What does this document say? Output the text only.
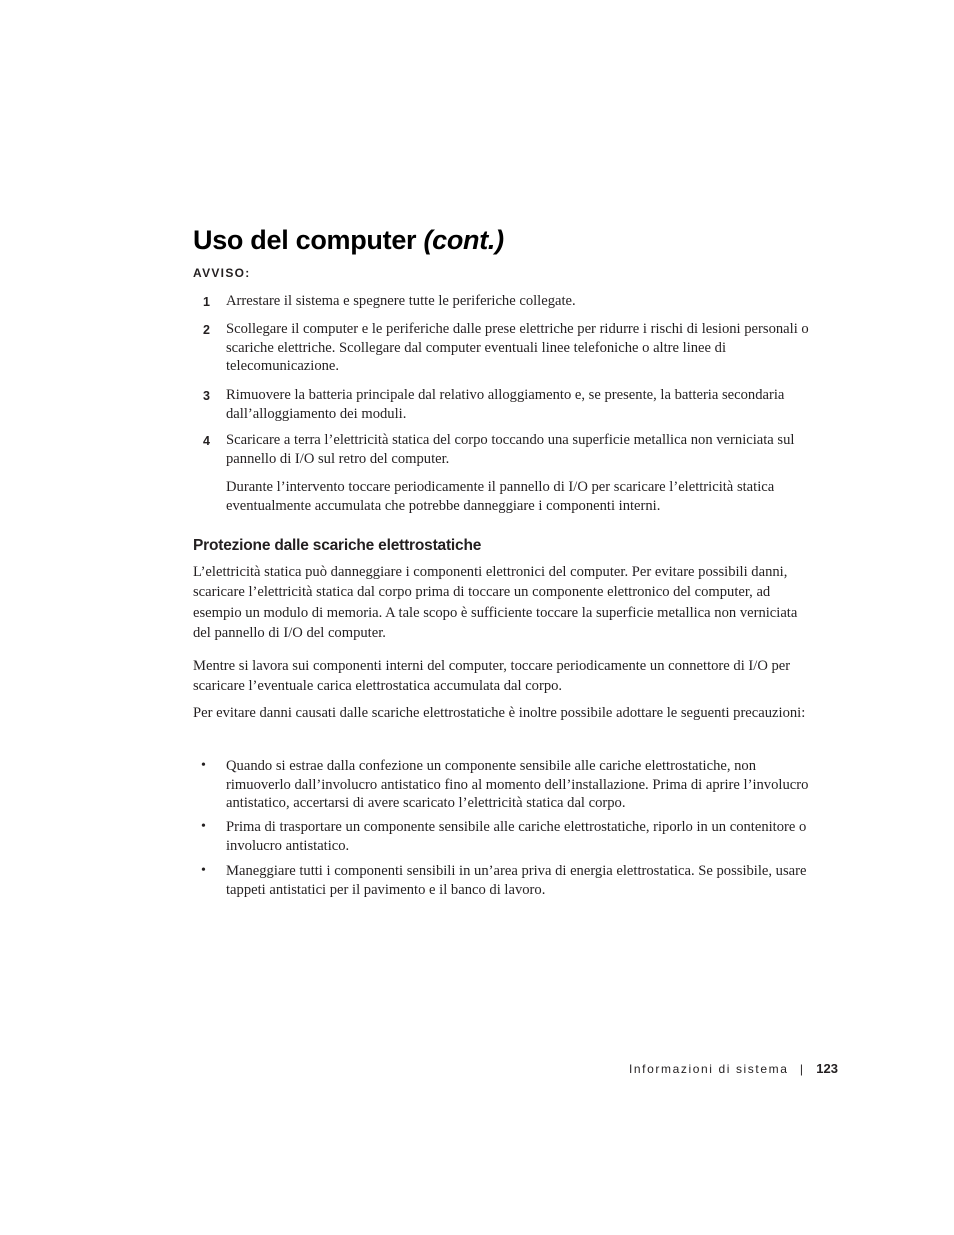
Uso del computer (cont.)
AVVISO:
1 Arrestare il sistema e spegnere tutte le periferiche collegate.
2 Scollegare il computer e le periferiche dalle prese elettriche per ridurre i rischi di lesioni personali o scariche elettriche. Scollegare dal computer eventuali linee telefoniche o altre linee di telecomunicazione.
3 Rimuovere la batteria principale dal relativo alloggiamento e, se presente, la batteria secondaria dall’alloggiamento dei moduli.
4 Scaricare a terra l’elettricità statica del corpo toccando una superficie metallica non verniciata sul pannello di I/O sul retro del computer.

Durante l’intervento toccare periodicamente il pannello di I/O per scaricare l’elettricità statica eventualmente accumulata che potrebbe danneggiare i componenti interni.

Protezione dalle scariche elettrostatiche

L’elettricità statica può danneggiare i componenti elettronici del computer. Per evitare possibili danni, scaricare l’elettricità statica dal corpo prima di toccare un componente elettronico del computer, ad esempio un modulo di memoria. A tale scopo è sufficiente toccare la superficie metallica non verniciata del pannello di I/O del computer.

Mentre si lavora sui componenti interni del computer, toccare periodicamente un connettore di I/O per scaricare l’eventuale carica elettrostatica accumulata dal corpo.

Per evitare danni causati dalle scariche elettrostatiche è inoltre possibile adottare le seguenti precauzioni:

• Quando si estrae dalla confezione un componente sensibile alle cariche elettrostatiche, non rimuoverlo dall’involucro antistatico fino al momento dell’installazione. Prima di aprire l’involucro antistatico, accertarsi di avere scaricato l’elettricità statica dal corpo.
• Prima di trasportare un componente sensibile alle cariche elettrostatiche, riporlo in un contenitore o involucro antistatico.
• Maneggiare tutti i componenti sensibili in un’area priva di energia elettrostatica. Se possibile, usare tappeti antistatici per il pavimento e il banco di lavoro.
Informazioni di sistema | 123
